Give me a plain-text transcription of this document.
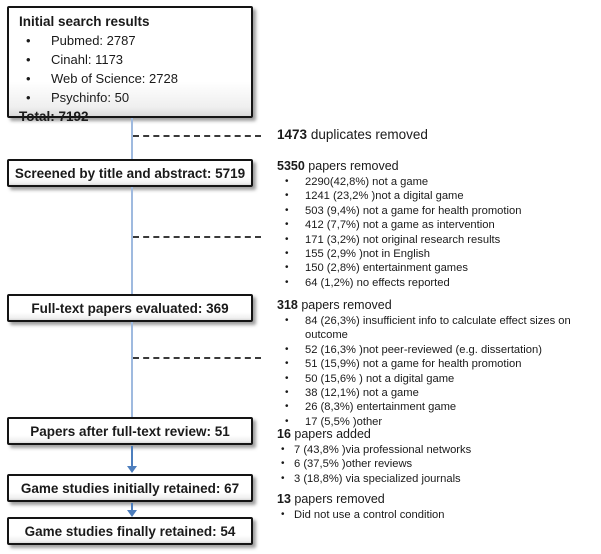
Initial search results
• Pubmed: 2787
• Cinahl: 1173
• Web of Science: 2728
• Psychinfo: 50
Total: 7192
Screened by title and abstract: 5719
Full-text papers evaluated: 369
Papers after full-text review: 51
Game studies initially retained: 67
Game studies finally retained: 54
1473 duplicates removed
5350 papers removed
• 2290(42,8%) not a game
• 1241 (23,2% )not a digital game
• 503 (9,4%) not a game for health promotion
• 412 (7,7%) not a game as intervention
• 171 (3,2%) not original research results
• 155 (2,9% )not in English
• 150 (2,8%) entertainment games
• 64 (1,2%) no effects reported
318 papers removed
• 84 (26,3%) insufficient info to calculate effect sizes on outcome
• 52 (16,3% )not peer-reviewed (e.g. dissertation)
• 51 (15,9%) not a game for health promotion
• 50 (15,6% ) not a digital game
• 38 (12,1%) not a game
• 26 (8,3%) entertainment game
• 17 (5,5% )other
16 papers added
• 7 (43,8% )via professional networks
• 6 (37,5% )other reviews
• 3 (18,8%) via specialized journals
13 papers removed
• Did not use a control condition
